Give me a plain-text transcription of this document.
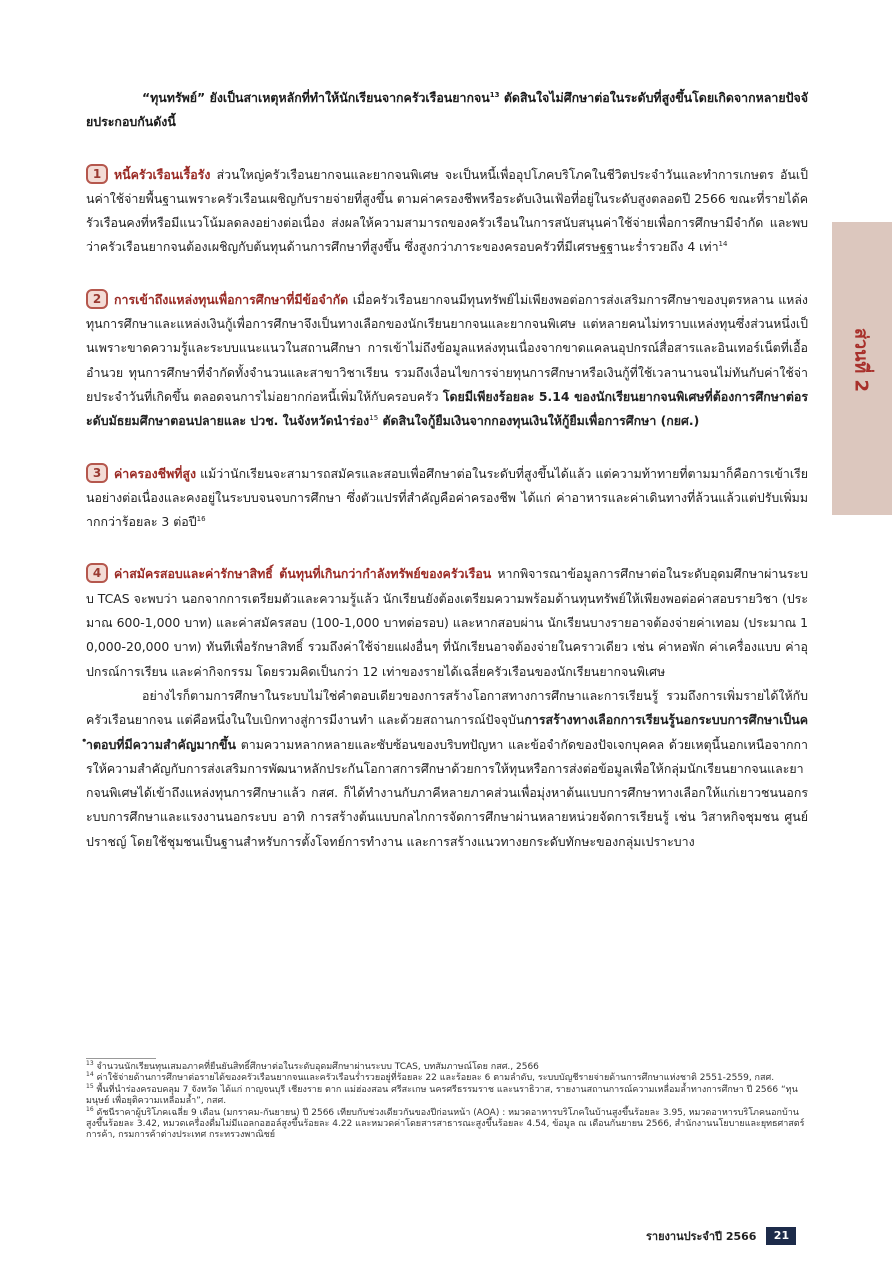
ส่วนที่ 2

“ทุนทรัพย์” ยังเป็นสาเหตุหลักที่ทำให้นักเรียนจากครัวเรือนยากจน$^{13}$ ตัดสินใจไม่ศึกษาต่อในระดับที่สูงขึ้นโดยเกิดจากหลายปัจจัยประกอบกันดังนี้

1 หนี้ครัวเรือนเรื้อรัง ส่วนใหญ่ครัวเรือนยากจนและยากจนพิเศษ จะเป็นหนี้เพื่ออุปโภคบริโภคในชีวิตประจำวันและทำการเกษตร อันเป็นค่าใช้จ่ายพื้นฐานเพราะครัวเรือนเผชิญกับรายจ่ายที่สูงขึ้น ตามค่าครองชีพหรือระดับเงินเฟ้อที่อยู่ในระดับสูงตลอดปี 2566 ขณะที่รายได้ครัวเรือนคงที่หรือมีแนวโน้มลดลงอย่างต่อเนื่อง ส่งผลให้ความสามารถของครัวเรือนในการสนับสนุนค่าใช้จ่ายเพื่อการศึกษามีจำกัด และพบว่าครัวเรือนยากจนต้องเผชิญกับต้นทุนด้านการศึกษาที่สูงขึ้น ซึ่งสูงกว่าภาระของครอบครัวที่มีเศรษฐฐานะร่ำรวยถึง 4 เท่า$^{14}$

2 การเข้าถึงแหล่งทุนเพื่อการศึกษาที่มีข้อจำกัด เมื่อครัวเรือนยากจนมีทุนทรัพย์ไม่เพียงพอต่อการส่งเสริมการศึกษาของบุตรหลาน แหล่งทุนการศึกษาและแหล่งเงินกู้เพื่อการศึกษาจึงเป็นทางเลือกของนักเรียนยากจนและยากจนพิเศษ แต่หลายคนไม่ทราบแหล่งทุนซึ่งส่วนหนึ่งเป็นเพราะขาดความรู้และระบบแนะแนวในสถานศึกษา การเข้าไม่ถึงข้อมูลแหล่งทุนเนื่องจากขาดแคลนอุปกรณ์สื่อสารและอินเทอร์เน็ตที่เอื้ออำนวย ทุนการศึกษาที่จำกัดทั้งจำนวนและสาขาวิชาเรียน รวมถึงเงื่อนไขการจ่ายทุนการศึกษาหรือเงินกู้ที่ใช้เวลานานจนไม่ทันกับค่าใช้จ่ายประจำวันที่เกิดขึ้น ตลอดจนการไม่อยากก่อหนี้เพิ่มให้กับครอบครัว โดยมีเพียงร้อยละ 5.14 ของนักเรียนยากจนพิเศษที่ต้องการศึกษาต่อระดับมัธยมศึกษาตอนปลายและ ปวช. ในจังหวัดนำร่อง$^{15}$ ตัดสินใจกู้ยืมเงินจากกองทุนเงินให้กู้ยืมเพื่อการศึกษา (กยศ.)

3 ค่าครองชีพที่สูง แม้ว่านักเรียนจะสามารถสมัครและสอบเพื่อศึกษาต่อในระดับที่สูงขึ้นได้แล้ว แต่ความท้าทายที่ตามมาก็คือการเข้าเรียนอย่างต่อเนื่องและคงอยู่ในระบบจนจบการศึกษา ซึ่งตัวแปรที่สำคัญคือค่าครองชีพ ได้แก่ ค่าอาหารและค่าเดินทางที่ล้วนแล้วแต่ปรับเพิ่มมากกว่าร้อยละ 3 ต่อปี$^{16}$

4 ค่าสมัครสอบและค่ารักษาสิทธิ์ ต้นทุนที่เกินกว่ากำลังทรัพย์ของครัวเรือน หากพิจารณาข้อมูลการศึกษาต่อในระดับอุดมศึกษาผ่านระบบ TCAS จะพบว่า นอกจากการเตรียมตัวและความรู้แล้ว นักเรียนยังต้องเตรียมความพร้อมด้านทุนทรัพย์ให้เพียงพอต่อค่าสอบรายวิชา (ประมาณ 600-1,000 บาท) และค่าสมัครสอบ (100-1,000 บาทต่อรอบ) และหากสอบผ่าน นักเรียนบางรายอาจต้องจ่ายค่าเทอม (ประมาณ 10,000-20,000 บาท) ทันทีเพื่อรักษาสิทธิ์ รวมถึงค่าใช้จ่ายแฝงอื่นๆ ที่นักเรียนอาจต้องจ่ายในคราวเดียว เช่น ค่าหอพัก ค่าเครื่องแบบ ค่าอุปกรณ์การเรียน และค่ากิจกรรม โดยรวมคิดเป็นกว่า 12 เท่าของรายได้เฉลี่ยครัวเรือนของนักเรียนยากจนพิเศษ

อย่างไรก็ตามการศึกษาในระบบไม่ใช่คำตอบเดียวของการสร้างโอกาสทางการศึกษาและการเรียนรู้ รวมถึงการเพิ่มรายได้ให้กับครัวเรือนยากจน แต่คือหนึ่งในใบเบิกทางสู่การมีงานทำ และด้วยสถานการณ์ปัจจุบันการสร้างทางเลือกการเรียนรู้นอกระบบการศึกษาเป็นคำตอบที่มีความสำคัญมากขึ้น ตามความหลากหลายและซับซ้อนของบริบทปัญหา และข้อจำกัดของปัจเจกบุคคล ด้วยเหตุนี้นอกเหนือจากการให้ความสำคัญกับการส่งเสริมการพัฒนาหลักประกันโอกาสการศึกษาด้วยการให้ทุนหรือการส่งต่อข้อมูลเพื่อให้กลุ่มนักเรียนยากจนและยากจนพิเศษได้เข้าถึงแหล่งทุนการศึกษาแล้ว กสศ. ก็ได้ทำงานกับภาคีหลายภาคส่วนเพื่อมุ่งหาต้นแบบการศึกษาทางเลือกให้แก่เยาวชนนอกระบบการศึกษาและแรงงานนอกระบบ อาทิ การสร้างต้นแบบกลไกการจัดการศึกษาผ่านหลายหน่วยจัดการเรียนรู้ เช่น วิสาหกิจชุมชน ศูนย์ปราชญ์ โดยใช้ชุมชนเป็นฐานสำหรับการตั้งโจทย์การทำงาน และการสร้างแนวทางยกระดับทักษะของกลุ่มเปราะบาง

$^{13}$ จำนวนนักเรียนทุนเสมอภาคที่ยืนยันสิทธิ์ศึกษาต่อในระดับอุดมศึกษาผ่านระบบ TCAS, บทสัมภาษณ์โดย กสศ., 2566

$^{14}$ ค่าใช้จ่ายด้านการศึกษาต่อรายได้ของครัวเรือนยากจนและครัวเรือนร่ำรวยอยู่ที่ร้อยละ 22 และร้อยละ 6 ตามลำดับ, ระบบบัญชีรายจ่ายด้านการศึกษาแห่งชาติ 2551-2559, กสศ.

$^{15}$ พื้นที่นำร่องครอบคลุม 7 จังหวัด ได้แก่ กาญจนบุรี เชียงราย ตาก แม่ฮ่องสอน ศรีสะเกษ นครศรีธรรมราช และนราธิวาส, รายงานสถานการณ์ความเหลื่อมล้ำทางการศึกษา ปี 2566 “ทุนมนุษย์ เพื่อยุติความเหลื่อมล้ำ”, กสศ.

$^{16}$ ดัชนีราคาผู้บริโภคเฉลี่ย 9 เดือน (มกราคม-กันยายน) ปี 2566 เทียบกับช่วงเดียวกันของปีก่อนหน้า (AOA) : หมวดอาหารบริโภคในบ้านสูงขึ้นร้อยละ 3.95, หมวดอาหารบริโภคนอกบ้านสูงขึ้นร้อยละ 3.42, หมวดเครื่องดื่มไม่มีแอลกอฮอล์สูงขึ้นร้อยละ 4.22 และหมวดค่าโดยสารสาธารณะสูงขึ้นร้อยละ 4.54, ข้อมูล ณ เดือนกันยายน 2566, สำนักงานนโยบายและยุทธศาสตร์การค้า, กรมการค้าต่างประเทศ กระทรวงพาณิชย์

รายงานประจำปี 2566	21
